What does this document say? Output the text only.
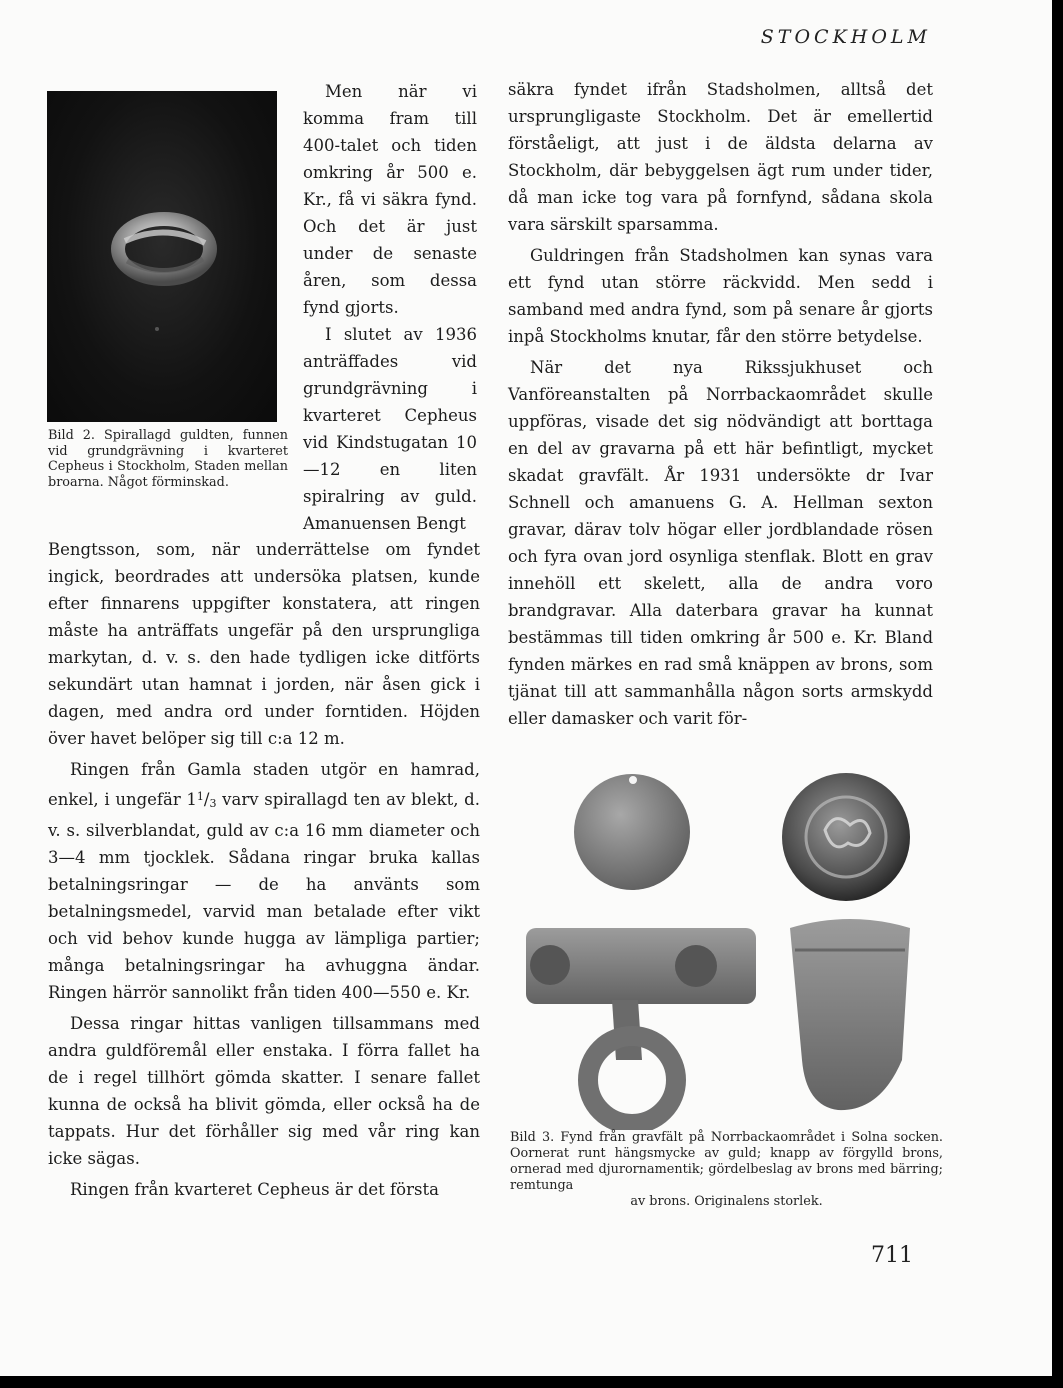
STOCKHOLM
Bild 2. Spirallagd guldten, funnen vid grundgrävning i kvarteret Cepheus i Stockholm, Staden mellan broarna. Något förminskad.

Men när vi komma fram till 400-talet och tiden omkring år 500 e. Kr., få vi säkra fynd. Och det är just under de senaste åren, som dessa fynd gjorts.

I slutet av 1936 anträffades vid grundgrävning i kvarteret Cepheus vid Kindstugatan 10—12 en liten spiralring av guld. Amanuensen Bengt

Bengtsson, som, när underrättelse om fyndet ingick, beordrades att undersöka platsen, kunde efter finnarens uppgifter konstatera, att ringen måste ha anträffats ungefär på den ursprungliga markytan, d. v. s. den hade tydligen icke ditförts sekundärt utan hamnat i jorden, när åsen gick i dagen, med andra ord under forntiden. Höjden över havet belöper sig till c:a 12 m.

Ringen från Gamla staden utgör en hamrad, enkel, i ungefär $1^1/3$ varv spirallagd ten av blekt, d. v. s. silverblandat, guld av c:a 16 mm diameter och 3—4 mm tjocklek. Sådana ringar bruka kallas betalningsringar — de ha använts som betalningsmedel, varvid man betalade efter vikt och vid behov kunde hugga av lämpliga partier; många betalningsringar ha avhuggna ändar. Ringen härrör sannolikt från tiden 400—550 e. Kr.

Dessa ringar hittas vanligen tillsammans med andra guldföremål eller enstaka. I förra fallet ha de i regel tillhört gömda skatter. I senare fallet kunna de också ha blivit gömda, eller också ha de tappats. Hur det förhåller sig med vår ring kan icke sägas.

Ringen från kvarteret Cepheus är det första

säkra fyndet ifrån Stadsholmen, alltså det ursprungligaste Stockholm. Det är emellertid förståeligt, att just i de äldsta delarna av Stockholm, där bebyggelsen ägt rum under tider, då man icke tog vara på fornfynd, sådana skola vara särskilt sparsamma.

Guldringen från Stadsholmen kan synas vara ett fynd utan större räckvidd. Men sedd i samband med andra fynd, som på senare år gjorts inpå Stockholms knutar, får den större betydelse.

När det nya Rikssjukhuset och Vanföreanstalten på Norrbackaområdet skulle uppföras, visade det sig nödvändigt att borttaga en del av gravarna på ett här befintligt, mycket skadat gravfält. År 1931 undersökte dr Ivar Schnell och amanuens G. A. Hellman sexton gravar, därav tolv högar eller jordblandade rösen och fyra ovan jord osynliga stenflak. Blott en grav innehöll ett skelett, alla de andra voro brandgravar. Alla daterbara gravar ha kunnat bestämmas till tiden omkring år 500 e. Kr. Bland fynden märkes en rad små knäppen av brons, som tjänat till att sammanhålla någon sorts armskydd eller damasker och varit för-

Bild 3. Fynd från gravfält på Norrbackaområdet i Solna socken. Oornerat runt hängsmycke av guld; knapp av förgylld brons, ornerad med djurornamentik; gördelbeslag av brons med bärring; remtunga
av brons. Originalens storlek.
711
